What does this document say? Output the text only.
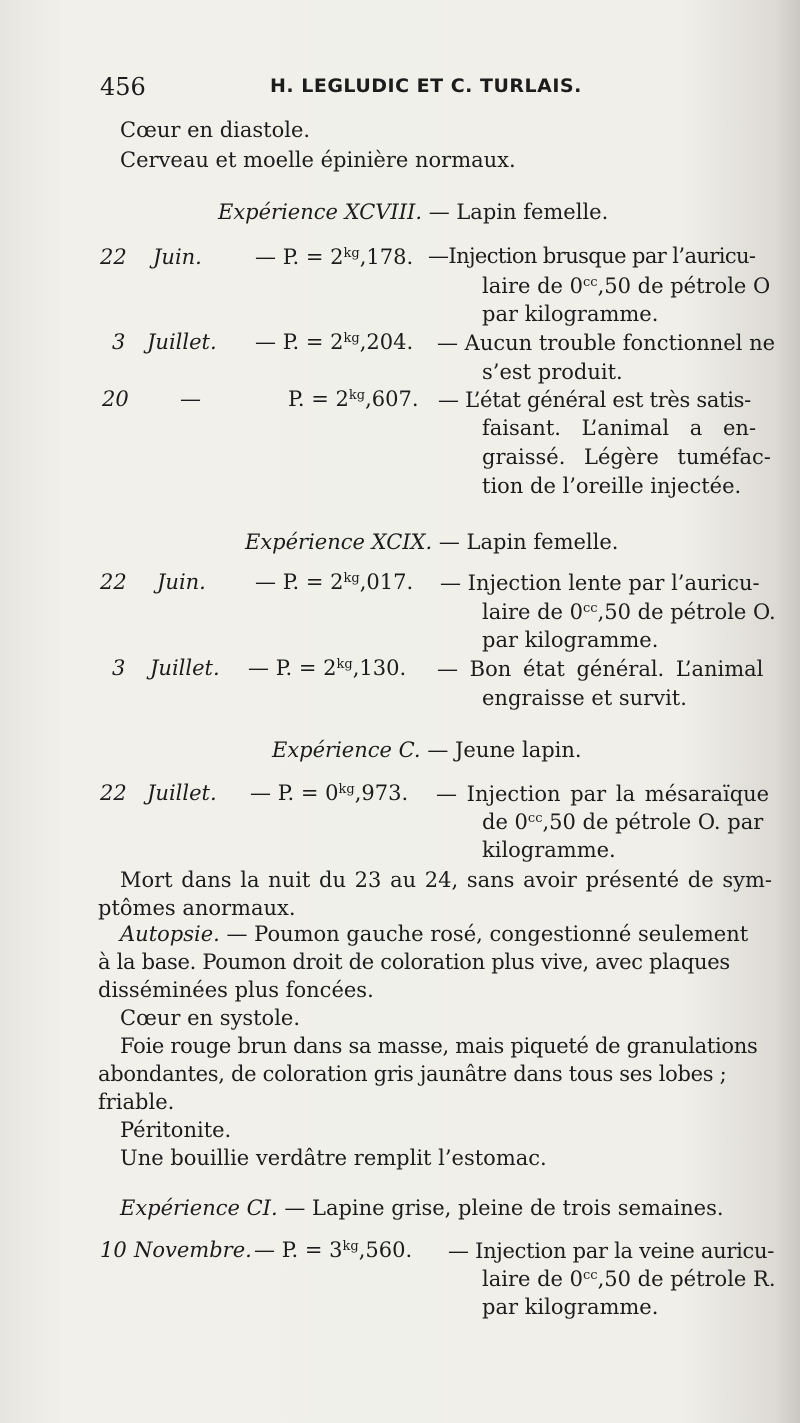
456	H. LEGLUDIC ET C. TURLAIS.
Cœur en diastole.
Cerveau et moelle épinière normaux.
Expérience XCVIII. — Lapin femelle.
22 Juin.	— P. = $2^{kg},178$. —Injection brusque par l’auricu-
laire de $0^{cc},50$ de pétrole O
par kilogramme.
3 Juillet. — P. = $2^{kg},204$. — Aucun trouble fonctionnel ne
s’est produit.
20 —	P. = $2^{kg},607$. — L’état général est très satis-
faisant. L’animal a en-
graissé. Légère tuméfac-
tion de l’oreille injectée.
Expérience XCIX. — Lapin femelle.
22 Juin. — P. = $2^{kg},017$. — Injection lente par l’auricu-
laire de $0^{cc},50$ de pétrole O.
par kilogramme.
3 Juillet. — P. = $2^{kg},130$. — Bon état général. L’animal
engraisse et survit.
Expérience C. — Jeune lapin.
22 Juillet. — P. = $0^{kg},973$. — Injection par la mésaraïque
de $0^{cc},50$ de pétrole O. par
kilogramme.
Mort dans la nuit du 23 au 24, sans avoir présenté de sym-
ptômes anormaux.
Autopsie. — Poumon gauche rosé, congestionné seulement
à la base. Poumon droit de coloration plus vive, avec plaques
disséminées plus foncées.
Cœur en systole.
Foie rouge brun dans sa masse, mais piqueté de granulations
abondantes, de coloration gris jaunâtre dans tous ses lobes ;
friable.
Péritonite.
Une bouillie verdâtre remplit l’estomac.
Expérience CI. — Lapine grise, pleine de trois semaines.
10 Novembre. — P. = $3^{kg},560$. — Injection par la veine auricu-
laire de $0^{cc},50$ de pétrole R.
par kilogramme.
